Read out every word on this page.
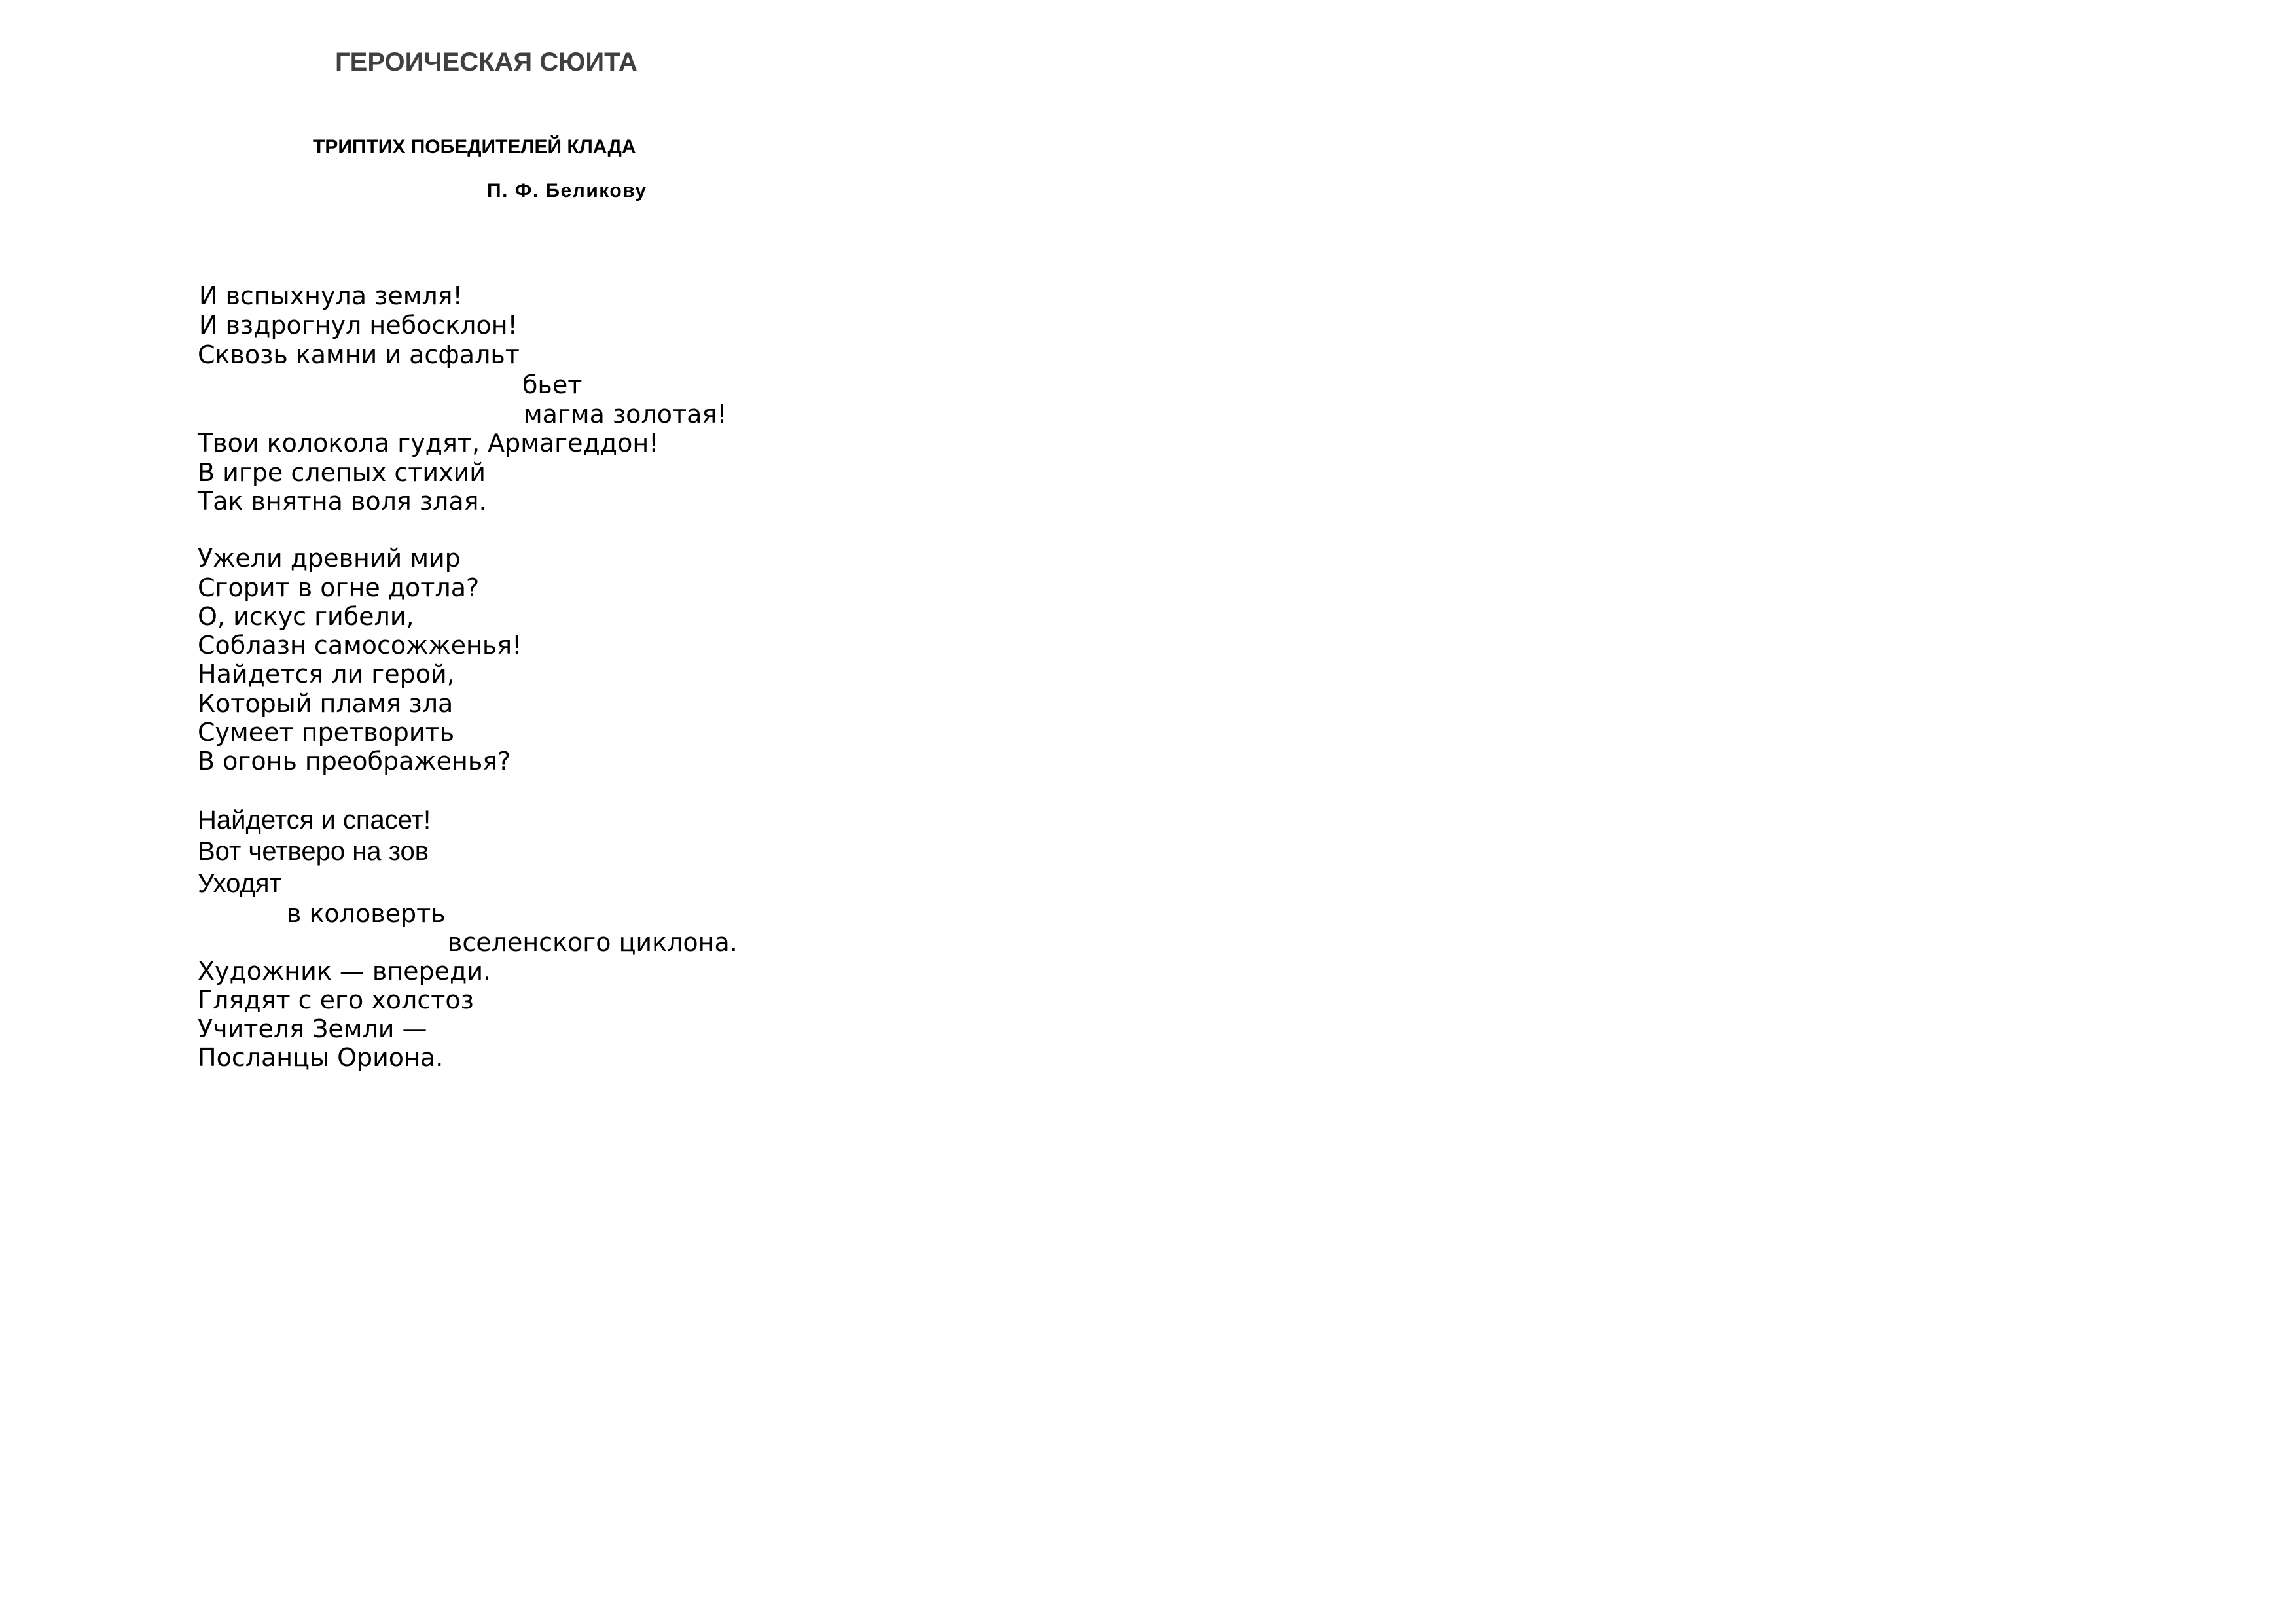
ГЕРОИЧЕСКАЯ СЮИТА
ТРИПТИХ ПОБЕДИТЕЛЕЙ КЛАДА

П. Ф. Беликову

И вспыхнула земля!

И вздрогнул небосклон!

Сквозь камни и асфальт

бьет

магма золотая!

Твои колокола гудят, Армагеддон!

В игре слепых стихий

Так внятна воля злая.

Ужели древний мир

Сгорит в огне дотла?

О, искус гибели,

Соблазн самосожженья!

Найдется ли герой,

Который пламя зла

Сумеет претворить

В огонь преображенья?

Найдется и спасет!

Вот четверо на зов

Уходят

в коловерть

вселенского циклона.

Художник — впереди.

Глядят с его холстоз

Учителя Земли —

Посланцы Ориона.
